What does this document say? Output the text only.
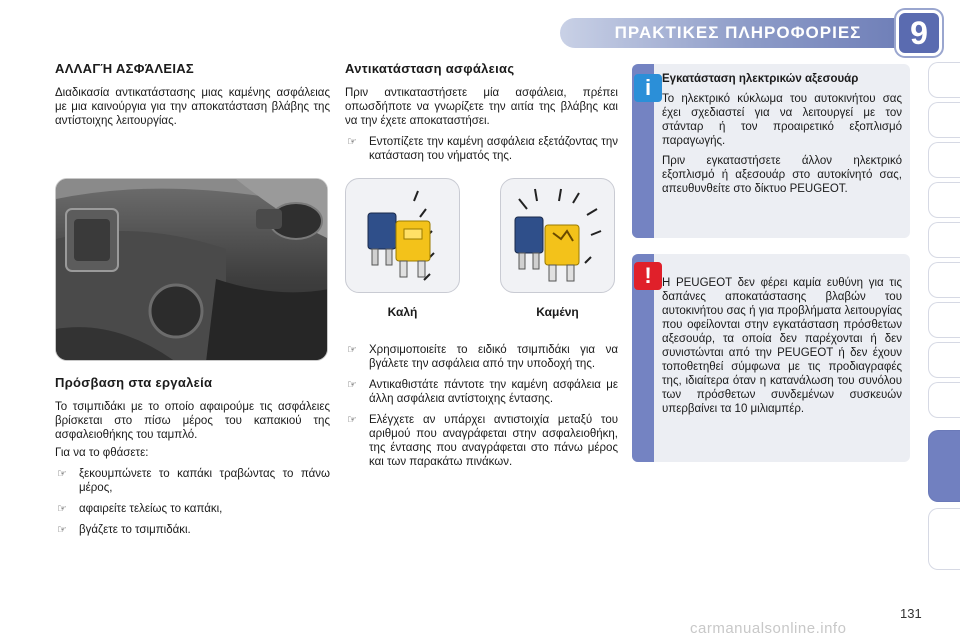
ΠΡΑΚΤΙΚΕΣ ΠΛΗΡΟΦΟΡΙΕΣ	9
ΑΛΛΑΓΉ ΑΣΦΆΛΕΙΑΣ

Διαδικασία αντικατάστασης μιας καμένης ασφάλειας με μια καινούργια για την αποκατάσταση βλάβης της αντίστοιχης λειτουργίας.

Πρόσβαση στα εργαλεία

Το τσιμπιδάκι με το οποίο αφαιρούμε τις ασφάλειες βρίσκεται στο πίσω μέρος του καπακιού της ασφαλειοθήκης του ταμπλό.

Για να το φθάσετε:

☞ ξεκουμπώνετε το καπάκι τραβώντας το πάνω μέρος,
☞ αφαιρείτε τελείως το καπάκι,
☞ βγάζετε το τσιμπιδάκι.
Αντικατάσταση ασφάλειας

Πριν αντικαταστήσετε μία ασφάλεια, πρέπει οπωσδήποτε να γνωρίζετε την αιτία της βλάβης και να την έχετε αποκαταστήσει.

☞ Εντοπίζετε την καμένη ασφάλεια εξετάζοντας την κατάσταση του νήματός της.
Καλή	Καμένη
☞ Χρησιμοποιείτε το ειδικό τσιμπιδάκι για να βγάλετε την ασφάλεια από την υποδοχή της.
☞ Αντικαθιστάτε πάντοτε την καμένη ασφάλεια με άλλη ασφάλεια αντίστοιχης έντασης.
☞ Ελέγχετε αν υπάρχει αντιστοιχία μεταξύ του αριθμού που αναγράφεται στην ασφαλειοθήκη, της έντασης που αναγράφεται στο πάνω μέρος και των παρακάτω πινάκων.
i Εγκατάσταση ηλεκτρικών αξεσουάρ

Το ηλεκτρικό κύκλωμα του αυτοκινήτου σας έχει σχεδιαστεί για να λειτουργεί με τον στάνταρ ή τον προαιρετικό εξοπλισμό παραγωγής.

Πριν εγκαταστήσετε άλλον ηλεκτρικό εξοπλισμό ή αξεσουάρ στο αυτοκίνητό σας, απευθυνθείτε στο δίκτυο PEUGEOT.

! Η PEUGEOT δεν φέρει καμία ευθύνη για τις δαπάνες αποκατάστασης βλαβών του αυτοκινήτου σας ή για προβλήματα λειτουργίας που οφείλονται στην εγκατάσταση πρόσθετων αξεσουάρ, τα οποία δεν παρέχονται ή δεν συνιστώνται από την PEUGEOT ή δεν έχουν τοποθετηθεί σύμφωνα με τις προδιαγραφές της, ιδιαίτερα όταν η κατανάλωση του συνόλου των πρόσθετων συνδεμένων συσκευών υπερβαίνει τα 10 μιλιαμπέρ.

131
carmanualsonline.info
